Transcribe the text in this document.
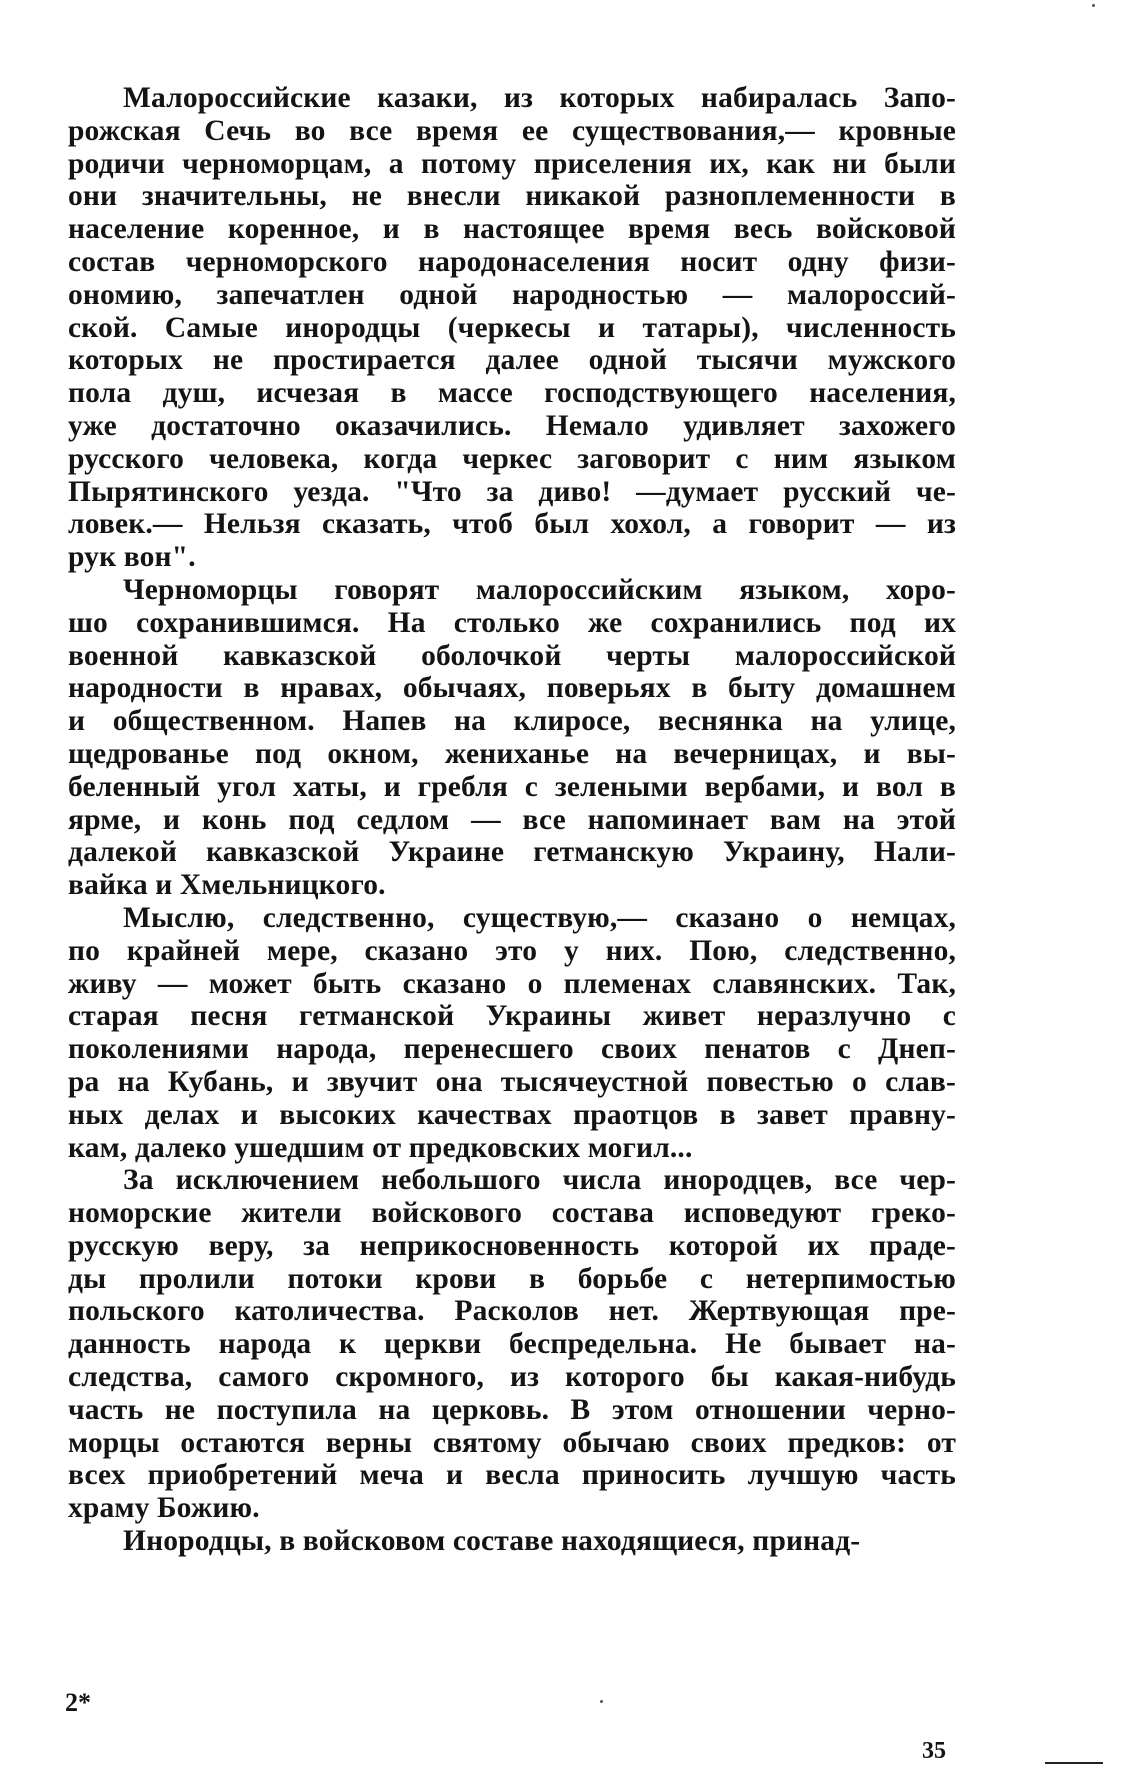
Малороссийские казаки, из которых набиралась Запо-
рожская Сечь во все время ее существования,— кровные
родичи черноморцам, а потому приселения их, как ни были
они значительны, не внесли никакой разноплеменности в
население коренное, и в настоящее время весь войсковой
состав черноморского народонаселения носит одну физи-
ономию, запечатлен одной народностью — малороссий-
ской. Самые инородцы (черкесы и татары), численность
которых не простирается далее одной тысячи мужского
пола душ, исчезая в массе господствующего населения,
уже достаточно оказачились. Немало удивляет захожего
русского человека, когда черкес заговорит с ним языком
Пырятинского уезда. "Что за диво! —думает русский че-
ловек.— Нельзя сказать, чтоб был хохол, а говорит — из
рук вон".
Черноморцы говорят малороссийским языком, хоро-
шо сохранившимся. На столько же сохранились под их
военной кавказской оболочкой черты малороссийской
народности в нравах, обычаях, поверьях в быту домашнем
и общественном. Напев на клиросе, веснянка на улице,
щедрованье под окном, жениханье на вечерницах, и вы-
беленный угол хаты, и гребля с зелеными вербами, и вол в
ярме, и конь под седлом — все напоминает вам на этой
далекой кавказской Украине гетманскую Украину, Нали-
вайка и Хмельницкого.
Мыслю, следственно, существую,— сказано о немцах,
по крайней мере, сказано это у них. Пою, следственно,
живу — может быть сказано о племенах славянских. Так,
старая песня гетманской Украины живет неразлучно с
поколениями народа, перенесшего своих пенатов с Днеп-
ра на Кубань, и звучит она тысячеустной повестью о слав-
ных делах и высоких качествах праотцов в завет правну-
кам, далеко ушедшим от предковских могил...
За исключением небольшого числа инородцев, все чер-
номорские жители войскового состава исповедуют греко-
русскую веру, за неприкосновенность которой их праде-
ды пролили потоки крови в борьбе с нетерпимостью
польского католичества. Расколов нет. Жертвующая пре-
данность народа к церкви беспредельна. Не бывает на-
следства, самого скромного, из которого бы какая-нибудь
часть не поступила на церковь. В этом отношении черно-
морцы остаются верны святому обычаю своих предков: от
всех приобретений меча и весла приносить лучшую часть
храму Божию.
Инородцы, в войсковом составе находящиеся, принад-
2*
35
